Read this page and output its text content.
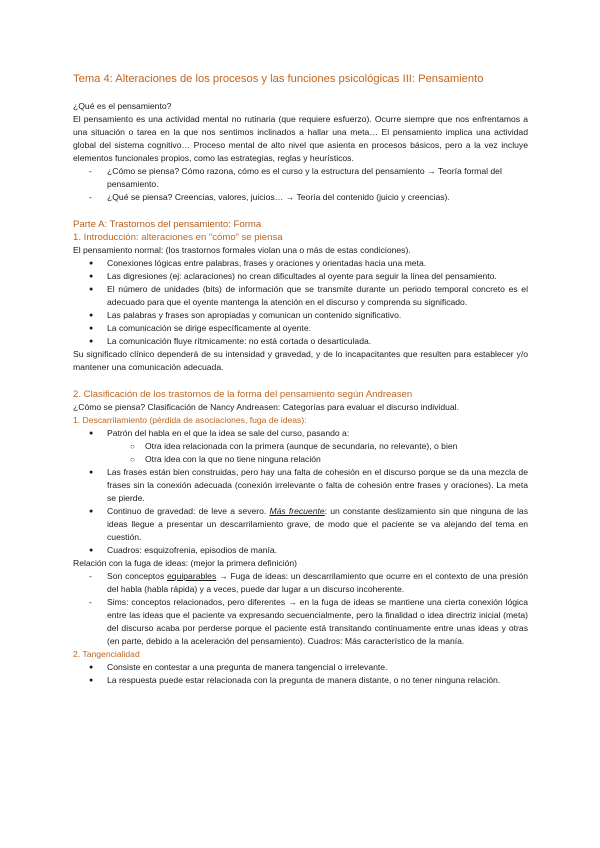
Tema 4: Alteraciones de los procesos y las funciones psicológicas III: Pensamiento

¿Qué es el pensamiento?

El pensamiento es una actividad mental no rutinaria (que requiere esfuerzo). Ocurre siempre que nos enfrentamos a una situación o tarea en la que nos sentimos inclinados a hallar una meta… El pensamiento implica una actividad global del sistema cognitivo… Proceso mental de alto nivel que asienta en procesos básicos, pero a la vez incluye elementos funcionales propios, como las estrategias, reglas y heurísticos.

- ¿Cómo se piensa? Cómo razona, cómo es el curso y la estructura del pensamiento → Teoría formal del pensamiento.
- ¿Qué se piensa? Creencias, valores, juicios… → Teoría del contenido (juicio y creencias).

Parte A: Trastornos del pensamiento: Forma

1. Introducción: alteraciones en “cómo” se piensa

El pensamiento normal: (los trastornos formales violan una o más de estas condiciones).

● Conexiones lógicas entre palabras, frases y oraciones y orientadas hacia una meta.
● Las digresiones (ej: aclaraciones) no crean dificultades al oyente para seguir la línea del pensamiento.
● El número de unidades (bits) de información que se transmite durante un periodo temporal concreto es el adecuado para que el oyente mantenga la atención en el discurso y comprenda su significado.
● Las palabras y frases son apropiadas y comunican un contenido significativo.
● La comunicación se dirige específicamente al oyente.
● La comunicación fluye rítmicamente: no está cortada o desarticulada.

Su significado clínico dependerá de su intensidad y gravedad, y de lo incapacitantes que resulten para establecer y/o mantener una comunicación adecuada.

2. Clasificación de los trastornos de la forma del pensamiento según Andreasen

¿Cómo se piensa? Clasificación de Nancy Andreasen: Categorías para evaluar el discurso individual.

1. Descarrilamiento (pérdida de asociaciones, fuga de ideas):

● Patrón del habla en el que la idea se sale del curso, pasando a:
○ Otra idea relacionada con la primera (aunque de secundaria, no relevante), o bien
○ Otra idea con la que no tiene ninguna relación
● Las frases están bien construidas, pero hay una falta de cohesión en el discurso porque se da una mezcla de frases sin la conexión adecuada (conexión irrelevante o falta de cohesión entre frases y oraciones). La meta se pierde.
● Continuo de gravedad: de leve a severo. Más frecuente: un constante deslizamiento sin que ninguna de las ideas llegue a presentar un descarrilamiento grave, de modo que el paciente se va alejando del tema en cuestión.
● Cuadros: esquizofrenia, episodios de manía.

Relación con la fuga de ideas: (mejor la primera definición)

- Son conceptos equiparables → Fuga de ideas: un descarrilamiento que ocurre en el contexto de una presión del habla (habla rápida) y a veces, puede dar lugar a un discurso incoherente.
- Sims: conceptos relacionados, pero diferentes → en la fuga de ideas se mantiene una cierta conexión lógica entre las ideas que el paciente va expresando secuencialmente, pero la finalidad o idea directriz inicial (meta) del discurso acaba por perderse porque el paciente está transitando continuamente entre unas ideas y otras (en parte, debido a la aceleración del pensamiento). Cuadros: Más característico de la manía.

2. Tangencialidad

● Consiste en contestar a una pregunta de manera tangencial o irrelevante.
● La respuesta puede estar relacionada con la pregunta de manera distante, o no tener ninguna relación.
